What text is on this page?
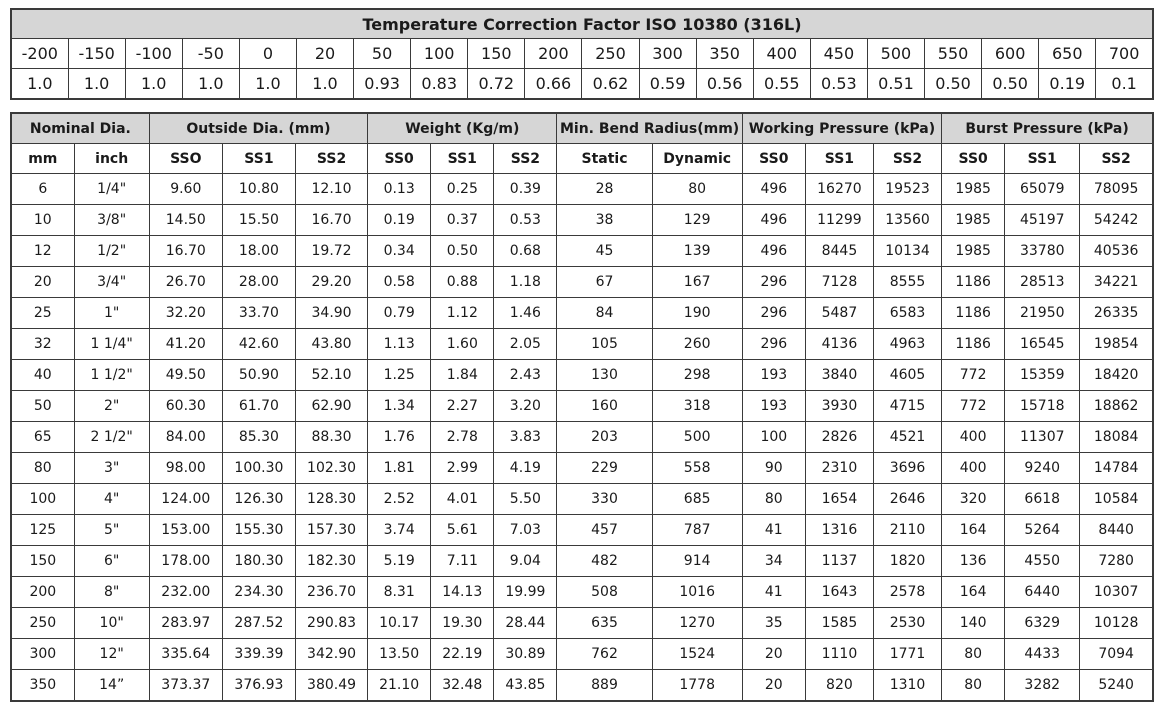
Temperature Correction Factor ISO 10380 (316L)																			
-200	-150	-100	-50	0	20	50	100	150	200	250	300	350	400	450	500	550	600	650	700
1.0	1.0	1.0	1.0	1.0	1.0	0.93	0.83	0.72	0.66	0.62	0.59	0.56	0.55	0.53	0.51	0.50	0.50	0.19	0.1
Nominal Dia.		Outside Dia. (mm)			Weight (Kg/m)			Min. Bend Radius(mm)		Working Pressure (kPa)			Burst Pressure (kPa)		
mm	inch	SSO	SS1	SS2	SS0	SS1	SS2	Static	Dynamic	SS0	SS1	SS2	SS0	SS1	SS2
6	1/4"	9.60	10.80	12.10	0.13	0.25	0.39	28	80	496	16270	19523	1985	65079	78095
10	3/8"	14.50	15.50	16.70	0.19	0.37	0.53	38	129	496	11299	13560	1985	45197	54242
12	1/2"	16.70	18.00	19.72	0.34	0.50	0.68	45	139	496	8445	10134	1985	33780	40536
20	3/4"	26.70	28.00	29.20	0.58	0.88	1.18	67	167	296	7128	8555	1186	28513	34221
25	1"	32.20	33.70	34.90	0.79	1.12	1.46	84	190	296	5487	6583	1186	21950	26335
32	1 1/4"	41.20	42.60	43.80	1.13	1.60	2.05	105	260	296	4136	4963	1186	16545	19854
40	1 1/2"	49.50	50.90	52.10	1.25	1.84	2.43	130	298	193	3840	4605	772	15359	18420
50	2"	60.30	61.70	62.90	1.34	2.27	3.20	160	318	193	3930	4715	772	15718	18862
65	2 1/2"	84.00	85.30	88.30	1.76	2.78	3.83	203	500	100	2826	4521	400	11307	18084
80	3"	98.00	100.30	102.30	1.81	2.99	4.19	229	558	90	2310	3696	400	9240	14784
100	4"	124.00	126.30	128.30	2.52	4.01	5.50	330	685	80	1654	2646	320	6618	10584
125	5"	153.00	155.30	157.30	3.74	5.61	7.03	457	787	41	1316	2110	164	5264	8440
150	6"	178.00	180.30	182.30	5.19	7.11	9.04	482	914	34	1137	1820	136	4550	7280
200	8"	232.00	234.30	236.70	8.31	14.13	19.99	508	1016	41	1643	2578	164	6440	10307
250	10"	283.97	287.52	290.83	10.17	19.30	28.44	635	1270	35	1585	2530	140	6329	10128
300	12"	335.64	339.39	342.90	13.50	22.19	30.89	762	1524	20	1110	1771	80	4433	7094
350	14”	373.37	376.93	380.49	21.10	32.48	43.85	889	1778	20	820	1310	80	3282	5240
